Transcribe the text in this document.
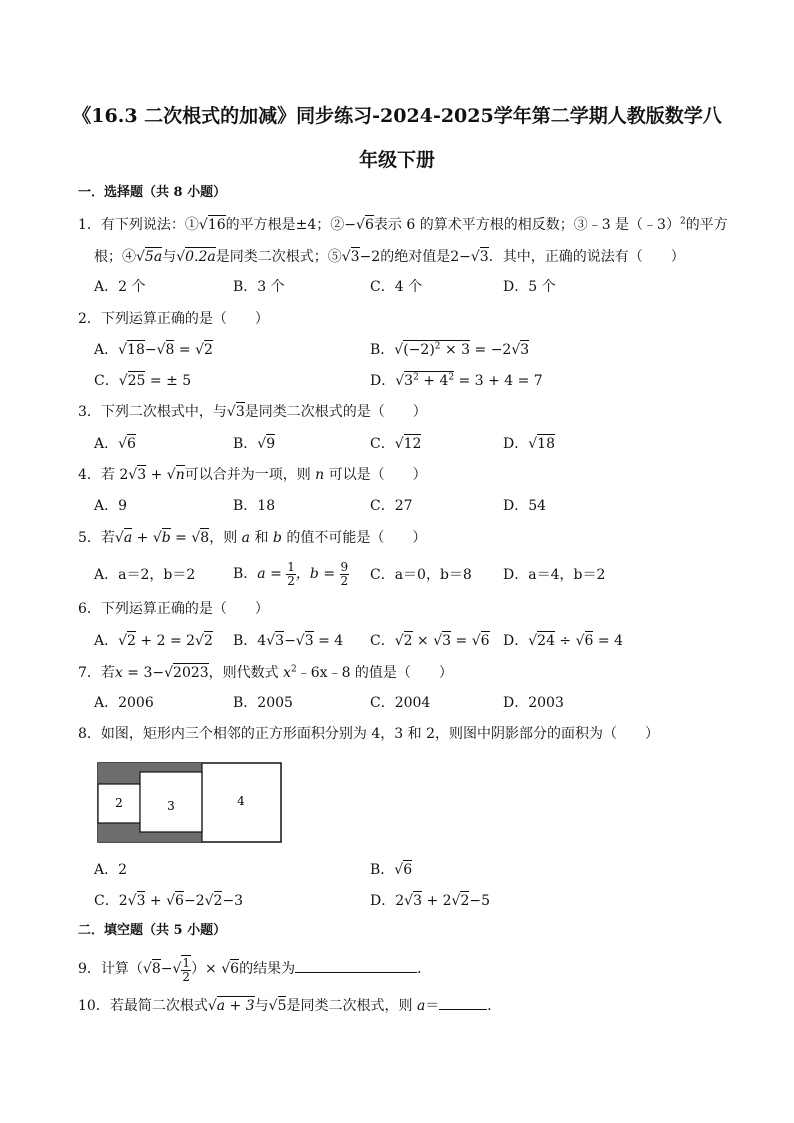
《16.3 二次根式的加减》同步练习-2024-2025学年第二学期人教版数学八
年级下册
一．选择题（共 8 小题）
1．有下列说法：①√16的平方根是±4；②−√6表示 6 的算术平方根的相反数；③﹣3 是（﹣3）$^2$的平方
根；④√5a与√0.2a是同类二次根式；⑤√3−2的绝对值是2−√3．其中，正确的说法有（　　）
A．2 个	B．3 个	C．4 个	D．5 个
2．下列运算正确的是（　　）
A．√18−√8 = √2	B．$√(-2)^2 \times 3 = -2√3$
C．√25 = ± 5	D．$√3^2 + 4^2 = 3 + 4 = 7$
3．下列二次根式中，与√3是同类二次根式的是（　　）
A．√6	B．√9	C．√12	D．√18
4．若 2√3 + √n可以合并为一项，则 n 可以是（　　）
A．9	B．18	C．27	D．54
5．若√a + √b = √8，则 a 和 b 的值不可能是（　　）
A．a＝2，b＝2	B．$a = \frac{1}{2}$ ，$b = \frac{9}{2}$ C．a＝0，b＝8 D．a＝4，b＝2
6．下列运算正确的是（　　）
A．√2 + 2 = 2√2 B．4√3−√3 = 4 C．√2 × √3 = √6 D．√24 ÷ √6 = 4
7．若x = 3−√2023，则代数式 $x^2﹣6x﹣8$ 的值是（　　）
A．2006	B．2005	C．2004	D．2003
8．如图，矩形内三个相邻的正方形面积分别为 4，3 和 2，则图中阴影部分的面积为（　　）
2	3	4
A．2	B．√6
C．2√3 + √6−2√2−3	D．2√3 + 2√2−5
二．填空题（共 5 小题）
9．计算（$√8-√ \frac{1}{2}$ ）× √6的结果为	．
10．若最简二次根式√a + 3与√5是同类二次根式，则 a＝	．
